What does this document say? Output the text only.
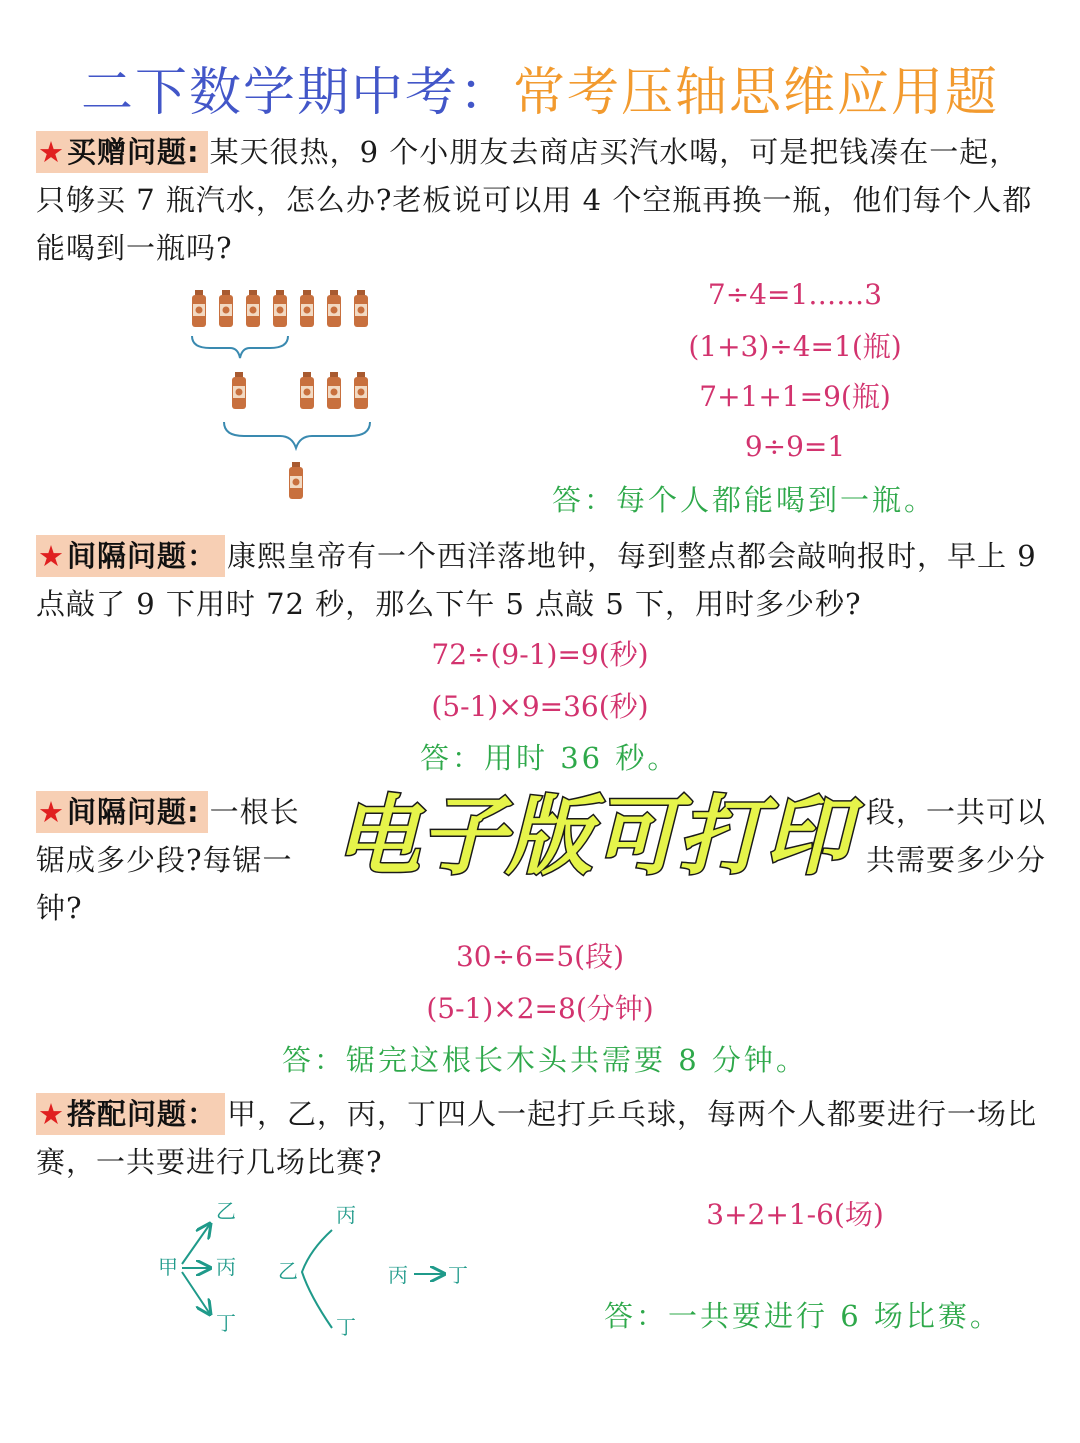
二下数学期中考：常考压轴思维应用题
★买赠问题: 某天很热，9 个小朋友去商店买汽水喝，可是把钱凑在一起，只够买 7 瓶汽水，怎么办?老板说可以用 4 个空瓶再换一瓶，他们每个人都能喝到一瓶吗?
7÷4=1……3
(1+3)÷4=1(瓶)
7+1+1=9(瓶)
9÷9=1
答：每个人都能喝到一瓶。
★间隔问题： 康熙皇帝有一个西洋落地钟，每到整点都会敲响报时，早上 9 点敲了 9 下用时 72 秒，那么下午 5 点敲 5 下，用时多少秒?
72÷(9-1)=9(秒)
(5-1)×9=36(秒)
答：用时 36 秒。
★间隔问题: 一根长	段，一共可以
锯成多少段?每锯一	共需要多少分
钟?
电子版可打印
30÷6=5(段)
(5-1)×2=8(分钟)
答：锯完这根长木头共需要 8 分钟。
★搭配问题： 甲，乙，丙，丁四人一起打乒乓球，每两个人都要进行一场比赛，一共要进行几场比赛?
甲
乙
丙
丁
乙
丙
丁
丙 丁
3+2+1-6(场)
答：一共要进行 6 场比赛。
